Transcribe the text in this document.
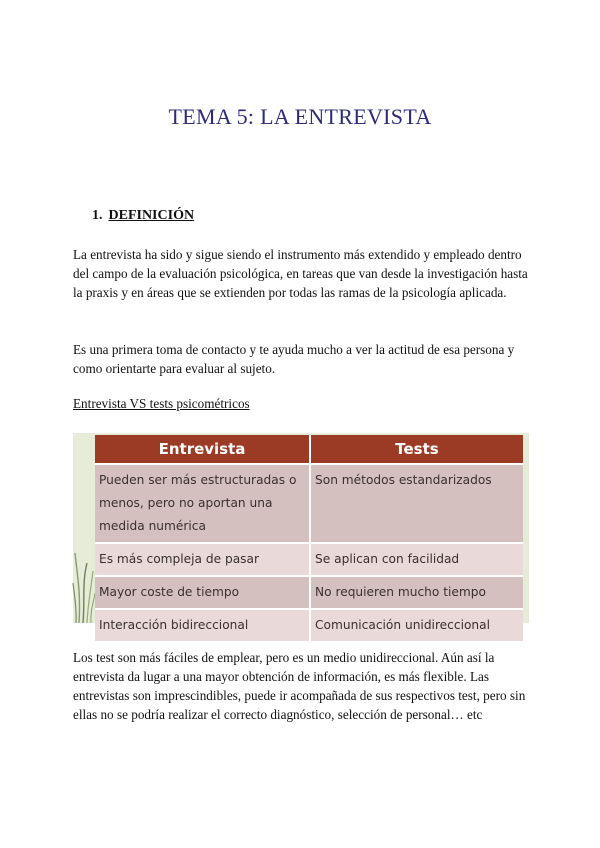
TEMA 5: LA ENTREVISTA
1. DEFINICIÓN
La entrevista ha sido y sigue siendo el instrumento más extendido y empleado dentro del campo de la evaluación psicológica, en tareas que van desde la investigación hasta la praxis y en áreas que se extienden por todas las ramas de la psicología aplicada.
Es una primera toma de contacto y te ayuda mucho a ver la actitud de esa persona y como orientarte para evaluar al sujeto.
Entrevista VS tests psicométricos
Entrevista	Tests
Pueden ser más estructuradas o menos, pero no aportan una medida numérica	Son métodos estandarizados
Es más compleja de pasar	Se aplican con facilidad
Mayor coste de tiempo	No requieren mucho tiempo
Interacción bidireccional	Comunicación unidireccional
Los test son más fáciles de emplear, pero es un medio unidireccional. Aún así la entrevista da lugar a una mayor obtención de información, es más flexible. Las entrevistas son imprescindibles, puede ir acompañada de sus respectivos test, pero sin ellas no se podría realizar el correcto diagnóstico, selección de personal… etc
